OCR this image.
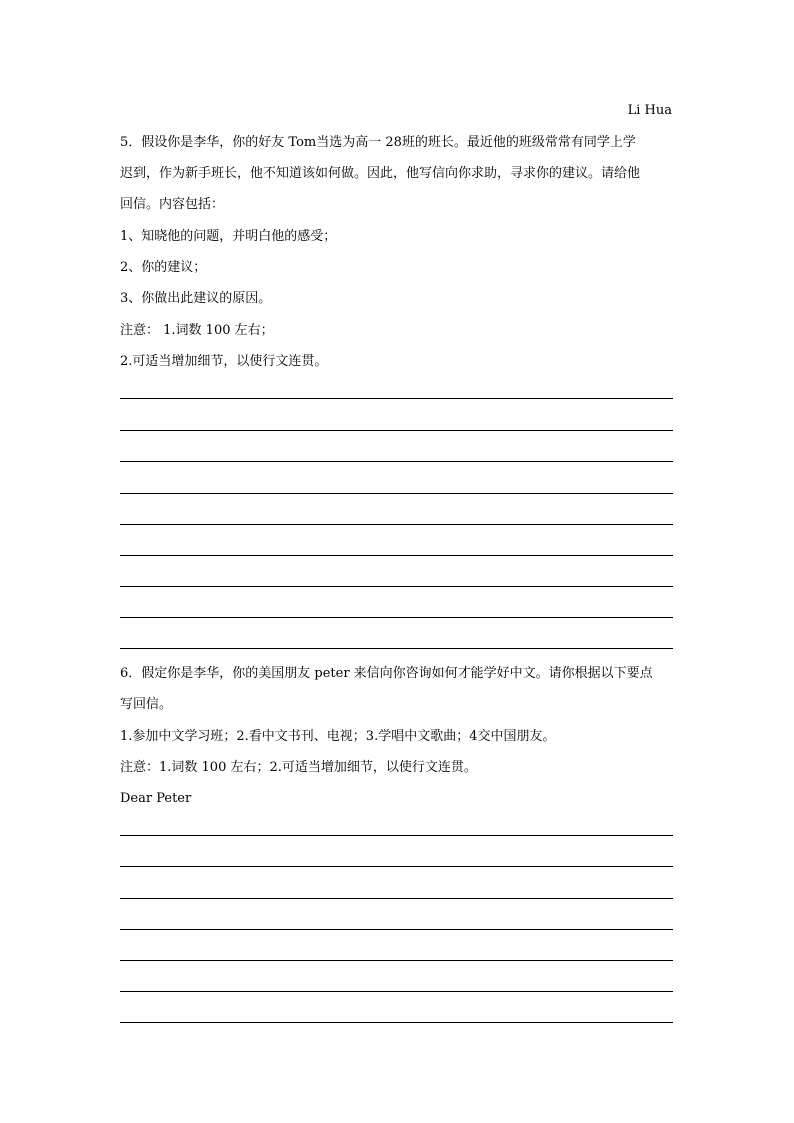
Li Hua
5．假设你是李华，你的好友 Tom当选为高一 28班的班长。最近他的班级常常有同学上学
迟到，作为新手班长，他不知道该如何做。因此，他写信向你求助，寻求你的建议。请给他
回信。内容包括：
1、知晓他的问题，并明白他的感受；
2、你的建议；
3、你做出此建议的原因。
注意： 1.词数 100 左右；
2.可适当增加细节，以使行文连贯。
6．假定你是李华，你的美国朋友 peter 来信向你咨询如何才能学好中文。请你根据以下要点
写回信。
1.参加中文学习班；2.看中文书刊、电视；3.学唱中文歌曲；4交中国朋友。
注意：1.词数 100 左右；2.可适当增加细节，以使行文连贯。
Dear Peter
